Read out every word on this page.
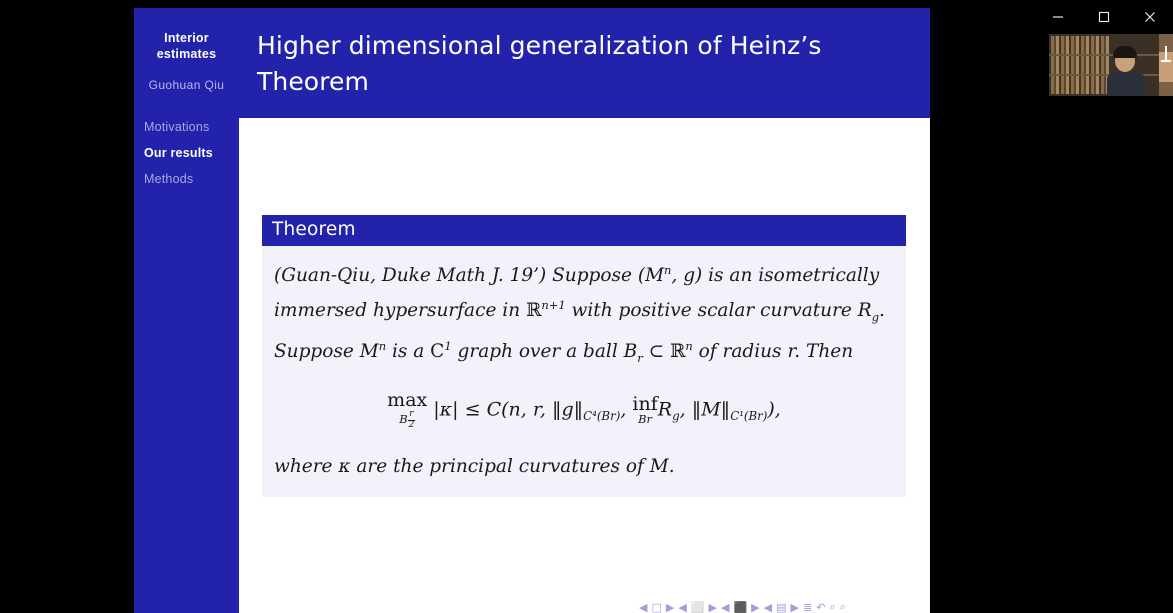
Interior
estimates
Guohuan Qiu
Motivations
Our results
Methods
Higher dimensional generalization of Heinz’s Theorem
Theorem
(Guan-Qiu, Duke Math J. 19’) Suppose ($M^n$, g) is an isometrically immersed hypersurface in ℝ$^{n+1}$ with positive scalar curvature $R_g$. Suppose $M^n$ is a $C^1$ graph over a ball $B_r$ ⊂ ℝ$^n$ of radius r. Then
max
B $\frac{r}{2} |\kappa| \le C(n$, r, $‖g‖_{C^4(Br)}$, inf
Br $R_g$, $‖M‖_{C^1(Br)}$),
where κ are the principal curvatures of M.
◀ □ ▶ ◀ ⬜ ▶ ◀ ⬛ ▶ ◀ ▤ ▶ ≣ ↶ ⌕ ⌕
